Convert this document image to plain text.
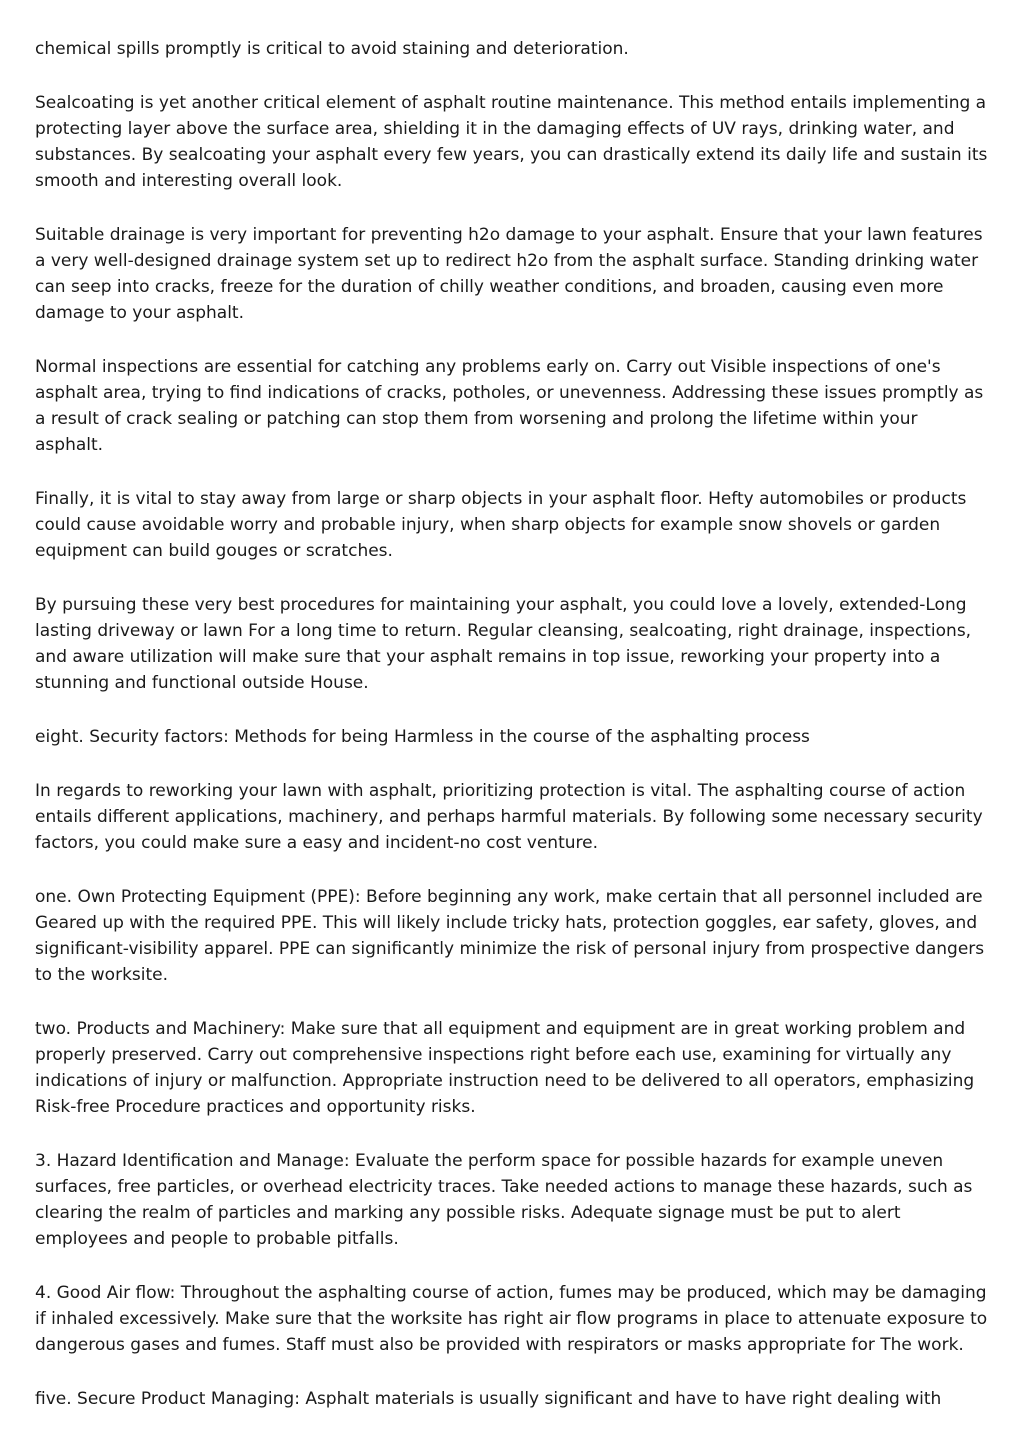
chemical spills promptly is critical to avoid staining and deterioration.

Sealcoating is yet another critical element of asphalt routine maintenance. This method entails implementing a protecting layer above the surface area, shielding it in the damaging effects of UV rays, drinking water, and substances. By sealcoating your asphalt every few years, you can drastically extend its daily life and sustain its smooth and interesting overall look.

Suitable drainage is very important for preventing h2o damage to your asphalt. Ensure that your lawn features a very well-designed drainage system set up to redirect h2o from the asphalt surface. Standing drinking water can seep into cracks, freeze for the duration of chilly weather conditions, and broaden, causing even more damage to your asphalt.

Normal inspections are essential for catching any problems early on. Carry out Visible inspections of one's asphalt area, trying to find indications of cracks, potholes, or unevenness. Addressing these issues promptly as a result of crack sealing or patching can stop them from worsening and prolong the lifetime within your asphalt.

Finally, it is vital to stay away from large or sharp objects in your asphalt floor. Hefty automobiles or products could cause avoidable worry and probable injury, when sharp objects for example snow shovels or garden equipment can build gouges or scratches.

By pursuing these very best procedures for maintaining your asphalt, you could love a lovely, extended-Long lasting driveway or lawn For a long time to return. Regular cleansing, sealcoating, right drainage, inspections, and aware utilization will make sure that your asphalt remains in top issue, reworking your property into a stunning and functional outside House.

eight. Security factors: Methods for being Harmless in the course of the asphalting process

In regards to reworking your lawn with asphalt, prioritizing protection is vital. The asphalting course of action entails different applications, machinery, and perhaps harmful materials. By following some necessary security factors, you could make sure a easy and incident-no cost venture.

one. Own Protecting Equipment (PPE): Before beginning any work, make certain that all personnel included are Geared up with the required PPE. This will likely include tricky hats, protection goggles, ear safety, gloves, and significant-visibility apparel. PPE can significantly minimize the risk of personal injury from prospective dangers to the worksite.

two. Products and Machinery: Make sure that all equipment and equipment are in great working problem and properly preserved. Carry out comprehensive inspections right before each use, examining for virtually any indications of injury or malfunction. Appropriate instruction need to be delivered to all operators, emphasizing Risk-free Procedure practices and opportunity risks.

3. Hazard Identification and Manage: Evaluate the perform space for possible hazards for example uneven surfaces, free particles, or overhead electricity traces. Take needed actions to manage these hazards, such as clearing the realm of particles and marking any possible risks. Adequate signage must be put to alert employees and people to probable pitfalls.

4. Good Air flow: Throughout the asphalting course of action, fumes may be produced, which may be damaging if inhaled excessively. Make sure that the worksite has right air flow programs in place to attenuate exposure to dangerous gases and fumes. Staff must also be provided with respirators or masks appropriate for The work.

five. Secure Product Managing: Asphalt materials is usually significant and have to have right dealing with
